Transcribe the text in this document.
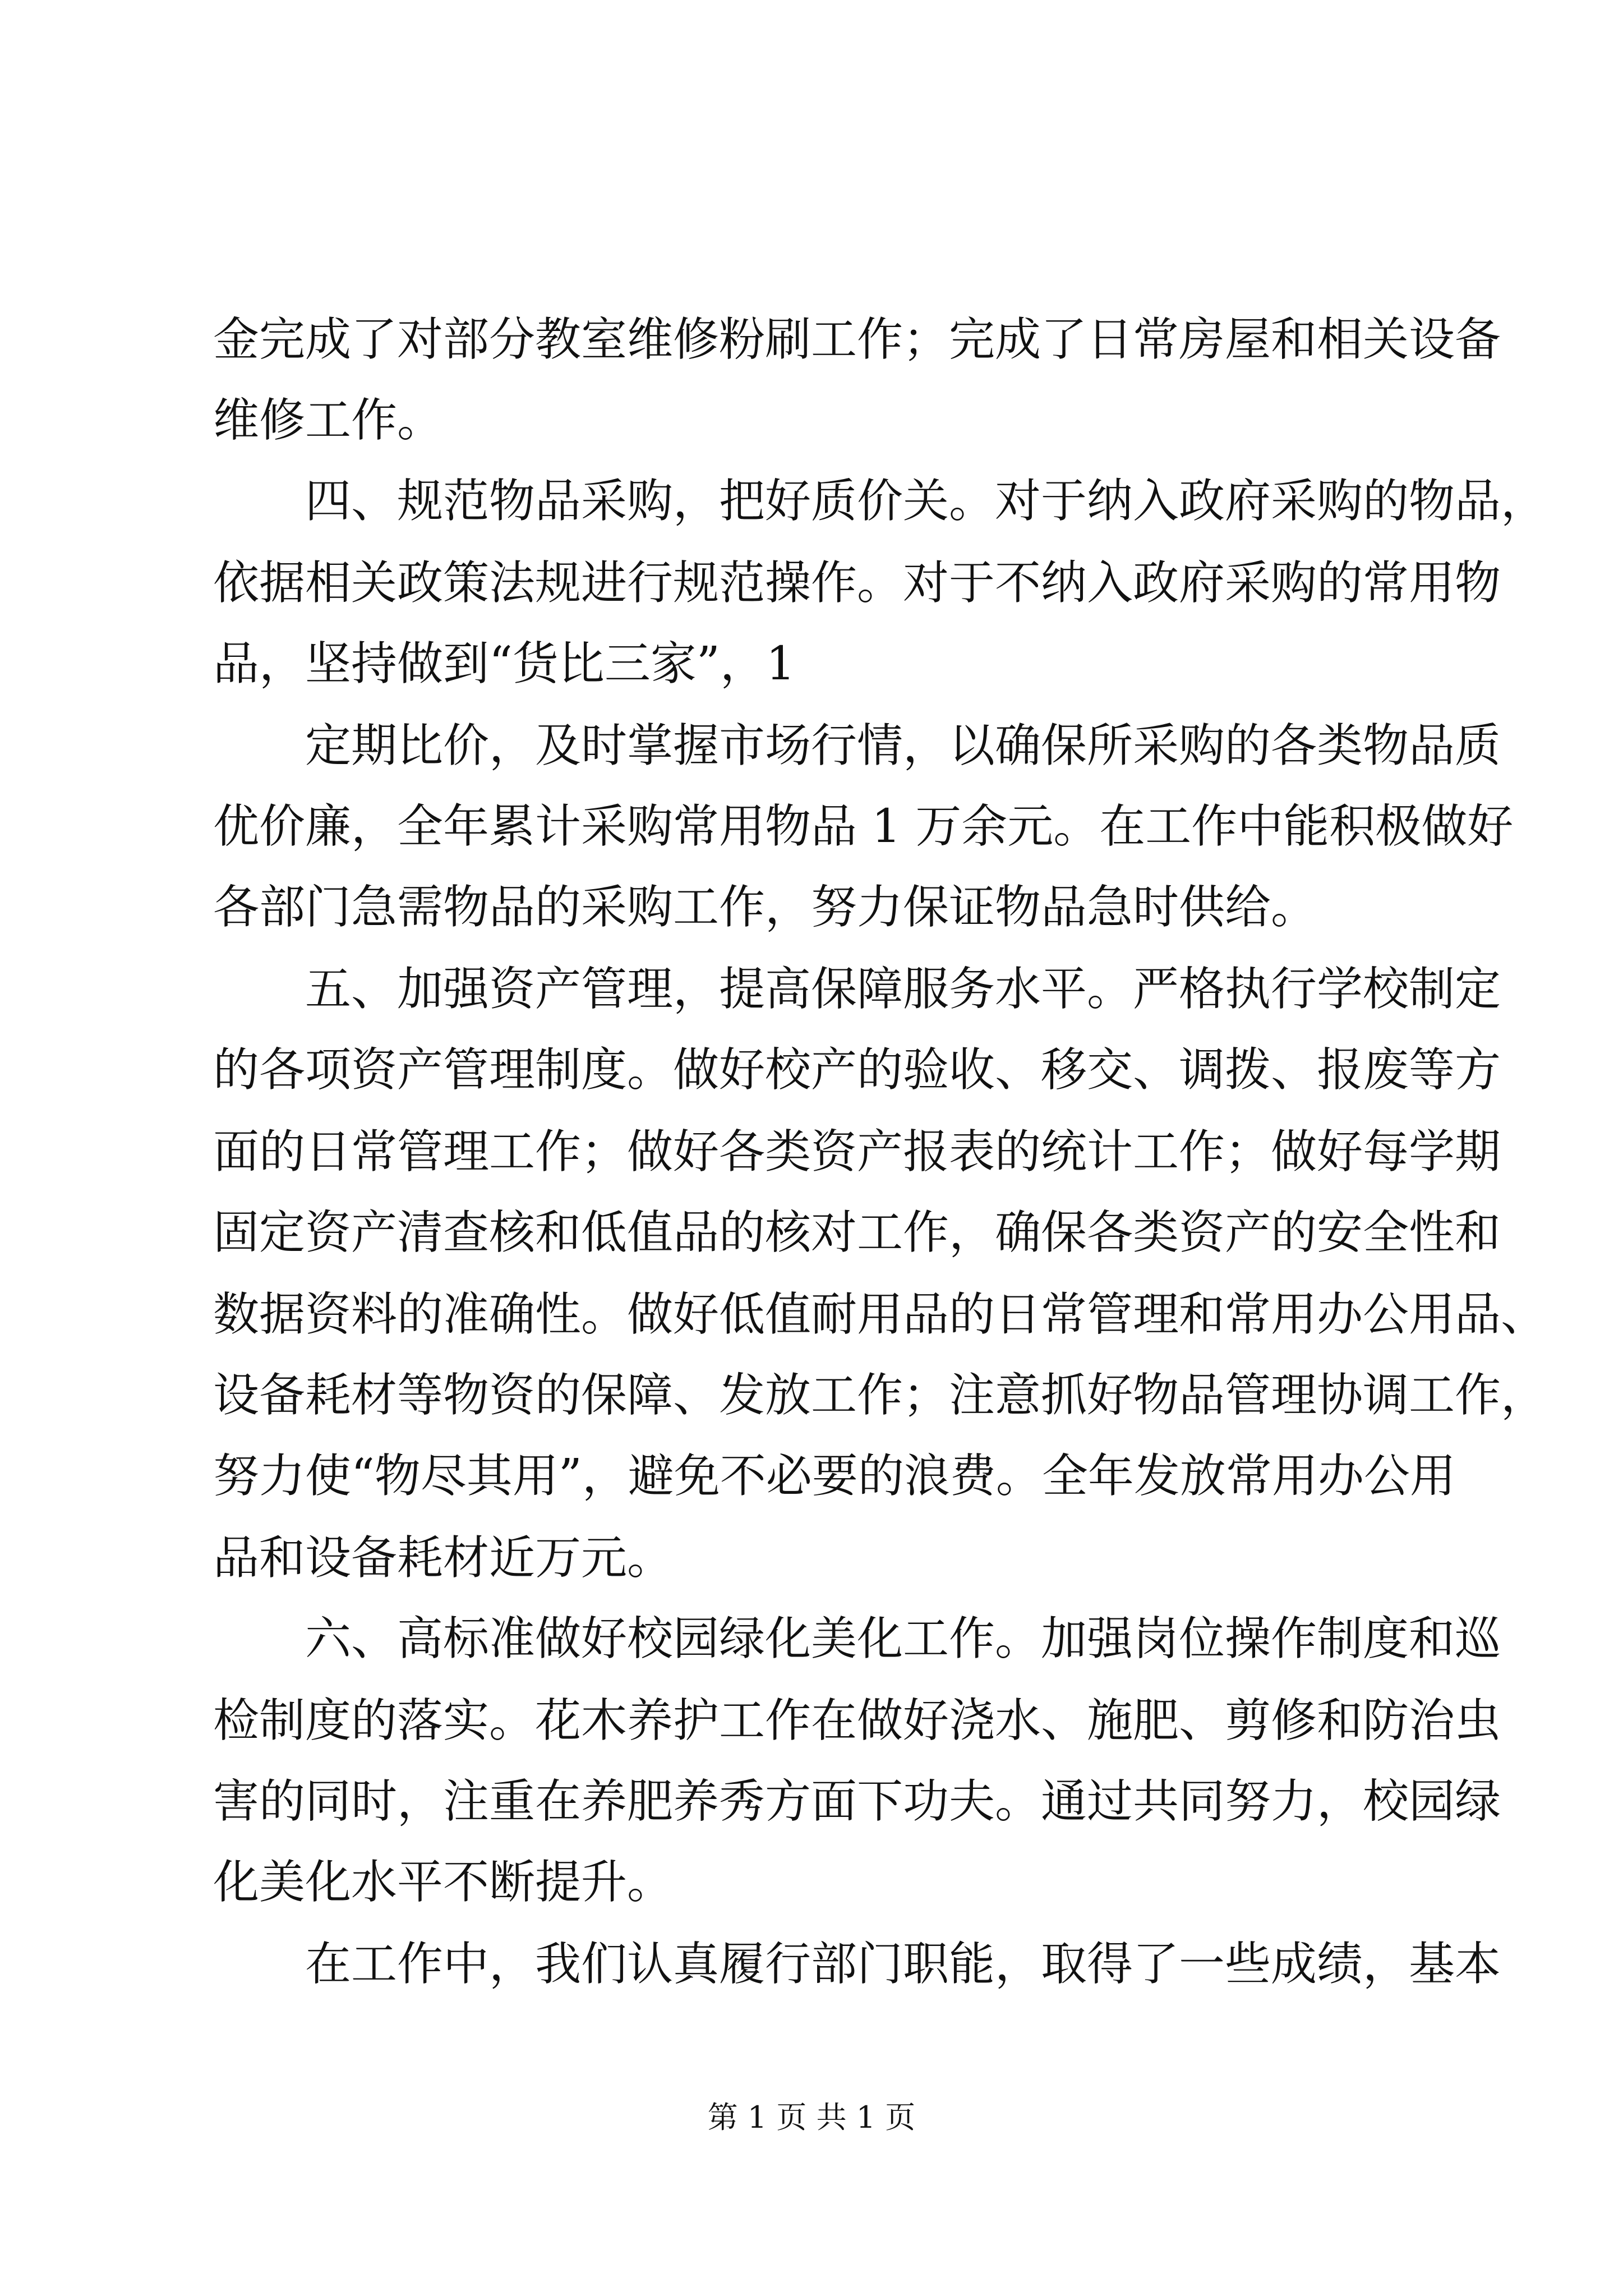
金完成了对部分教室维修粉刷工作；完成了日常房屋和相关设备
维修工作。
四、规范物品采购，把好质价关。对于纳入政府采购的物品，
依据相关政策法规进行规范操作。对于不纳入政府采购的常用物
品，坚持做到“货比三家”，1
定期比价，及时掌握市场行情，以确保所采购的各类物品质
优价廉，全年累计采购常用物品 1 万余元。在工作中能积极做好
各部门急需物品的采购工作，努力保证物品急时供给。
五、加强资产管理，提高保障服务水平。严格执行学校制定
的各项资产管理制度。做好校产的验收、移交、调拨、报废等方
面的日常管理工作；做好各类资产报表的统计工作；做好每学期
固定资产清查核和低值品的核对工作，确保各类资产的安全性和
数据资料的准确性。做好低值耐用品的日常管理和常用办公用品、
设备耗材等物资的保障、发放工作；注意抓好物品管理协调工作，
努力使“物尽其用”，避免不必要的浪费。全年发放常用办公用
品和设备耗材近万元。
六、高标准做好校园绿化美化工作。加强岗位操作制度和巡
检制度的落实。花木养护工作在做好浇水、施肥、剪修和防治虫
害的同时，注重在养肥养秀方面下功夫。通过共同努力，校园绿
化美化水平不断提升。
在工作中，我们认真履行部门职能，取得了一些成绩，基本
第 1 页 共 1 页
